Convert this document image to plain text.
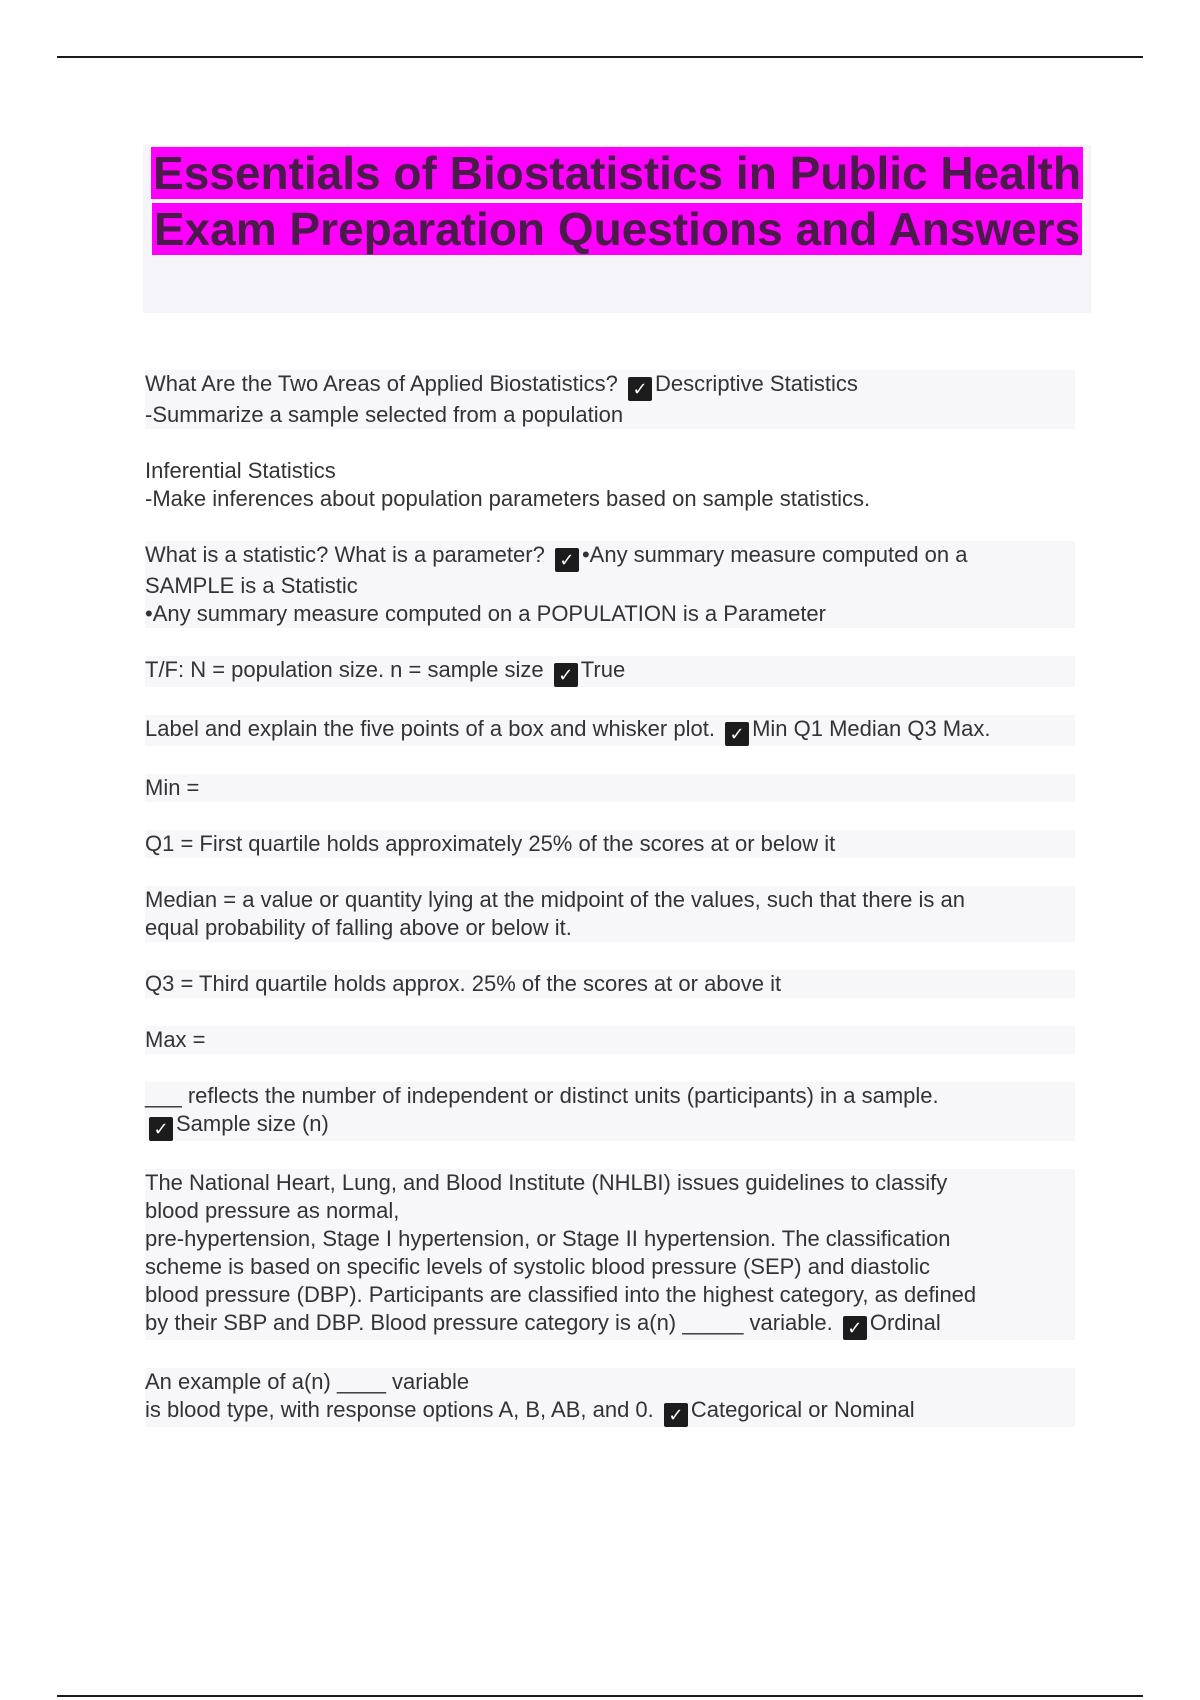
Essentials of Biostatistics in Public Health Exam Preparation Questions and Answers
What Are the Two Areas of Applied Biostatistics? ✓ Descriptive Statistics
-Summarize a sample selected from a population
Inferential Statistics
-Make inferences about population parameters based on sample statistics.
What is a statistic? What is a parameter? ✓ •Any summary measure computed on a
SAMPLE is a Statistic
•Any summary measure computed on a POPULATION is a Parameter
T/F: N = population size. n = sample size ✓ True
Label and explain the five points of a box and whisker plot. ✓ Min Q1 Median Q3 Max.
Min =
Q1 = First quartile holds approximately 25% of the scores at or below it
Median = a value or quantity lying at the midpoint of the values, such that there is an
equal probability of falling above or below it.
Q3 = Third quartile holds approx. 25% of the scores at or above it
Max =
___ reflects the number of independent or distinct units (participants) in a sample.
✓ Sample size (n)
The National Heart, Lung, and Blood Institute (NHLBI) issues guidelines to classify
blood pressure as normal,
pre-hypertension, Stage I hypertension, or Stage II hypertension. The classification
scheme is based on specific levels of systolic blood pressure (SEP) and diastolic
blood pressure (DBP). Participants are classified into the highest category, as defined
by their SBP and DBP. Blood pressure category is a(n) _____ variable. ✓ Ordinal
An example of a(n) ____ variable
is blood type, with response options A, B, AB, and 0. ✓ Categorical or Nominal
